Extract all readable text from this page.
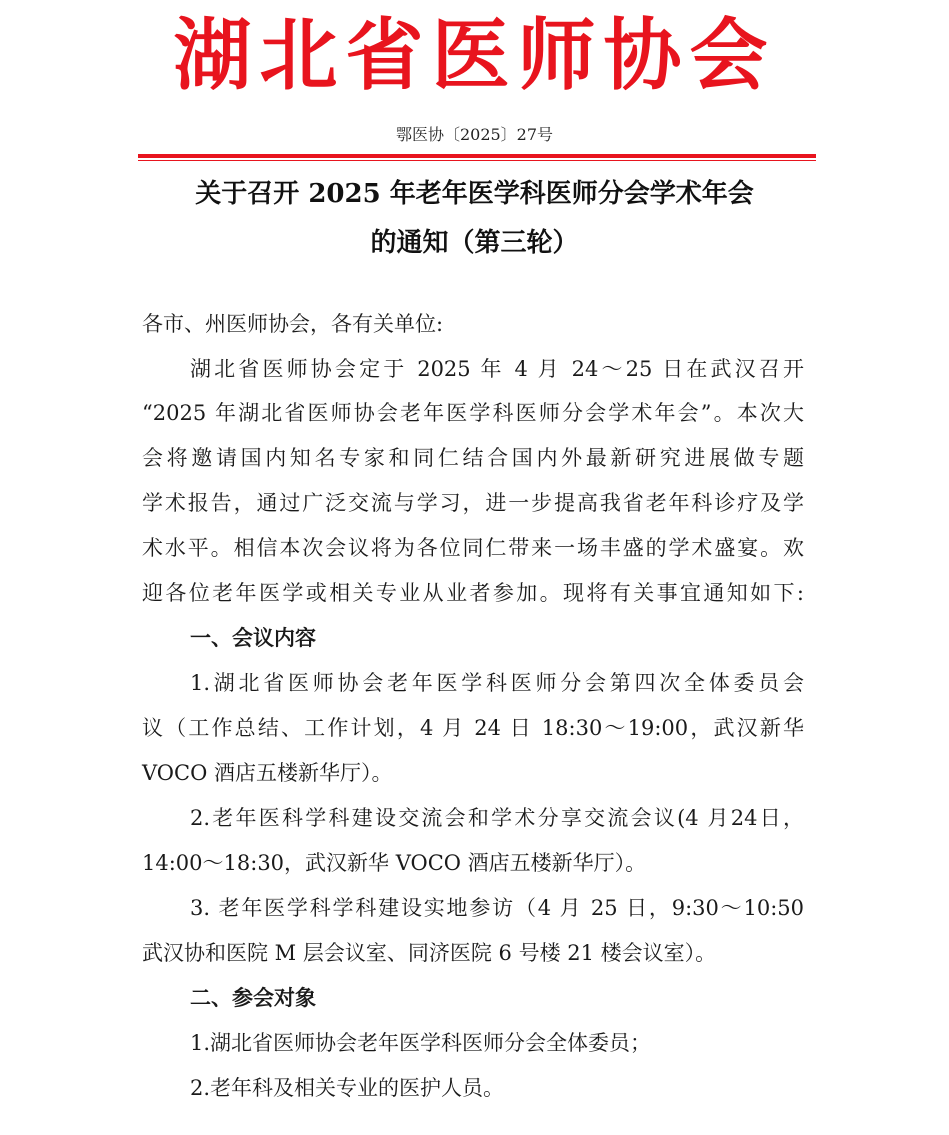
湖北省医师协会
鄂医协〔2025〕27号
关于召开 2025 年老年医学科医师分会学术年会
的通知（第三轮）
各市、州医师协会，各有关单位:
湖北省医师协会定于 2025 年 4 月 24～25 日在武汉召开
“2025 年湖北省医师协会老年医学科医师分会学术年会”。本次大
会将邀请国内知名专家和同仁结合国内外最新研究进展做专题
学术报告，通过广泛交流与学习，进一步提高我省老年科诊疗及学
术水平。相信本次会议将为各位同仁带来一场丰盛的学术盛宴。欢
迎各位老年医学或相关专业从业者参加。现将有关事宜通知如下:
一、会议内容
1.湖北省医师协会老年医学科医师分会第四次全体委员会
议（工作总结、工作计划，4 月 24 日 18:30～19:00，武汉新华
VOCO 酒店五楼新华厅）。
2.老年医科学科建设交流会和学术分享交流会议(4 月24日，
14:00～18:30，武汉新华 VOCO 酒店五楼新华厅）。
3. 老年医学科学科建设实地参访（4 月 25 日，9:30～10:50
武汉协和医院 M 层会议室、同济医院 6 号楼 21 楼会议室）。
二、参会对象
1.湖北省医师协会老年医学科医师分会全体委员；
2.老年科及相关专业的医护人员。
